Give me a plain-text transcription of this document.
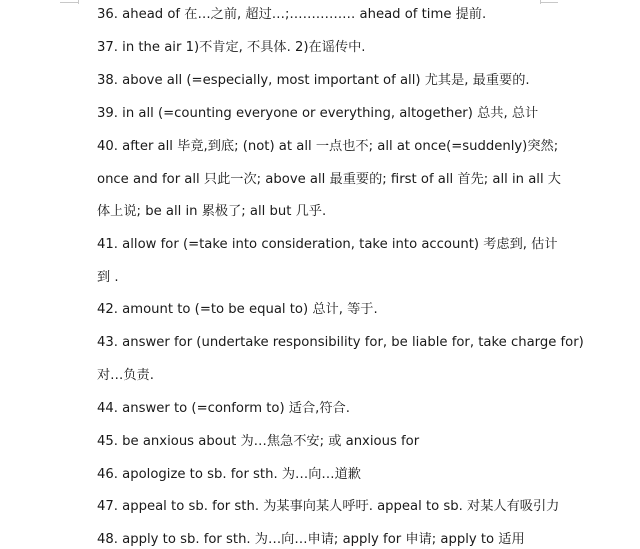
36. ahead of 在…之前, 超过…;…………… ahead of time 提前.
37. in the air 1)不肯定, 不具体. 2)在谣传中.
38. above all (=especially, most important of all) 尤其是, 最重要的.
39. in all (=counting everyone or everything, altogether) 总共, 总计
40. after all 毕竟,到底; (not) at all 一点也不; all at once(=suddenly)突然;
once and for all 只此一次; above all 最重要的; first of all 首先; all in all 大
体上说; be all in 累极了; all but 几乎.
41. allow for (=take into consideration, take into account) 考虑到, 估计
到 .
42. amount to (=to be equal to) 总计, 等于.
43. answer for (undertake responsibility for, be liable for, take charge for)
对…负责.
44. answer to (=conform to) 适合,符合.
45. be anxious about 为…焦急不安; 或 anxious for
46. apologize to sb. for sth. 为…向…道歉
47. appeal to sb. for sth. 为某事向某人呼吁. appeal to sb. 对某人有吸引力
48. apply to sb. for sth. 为…向…申请; apply for 申请; apply to 适用
